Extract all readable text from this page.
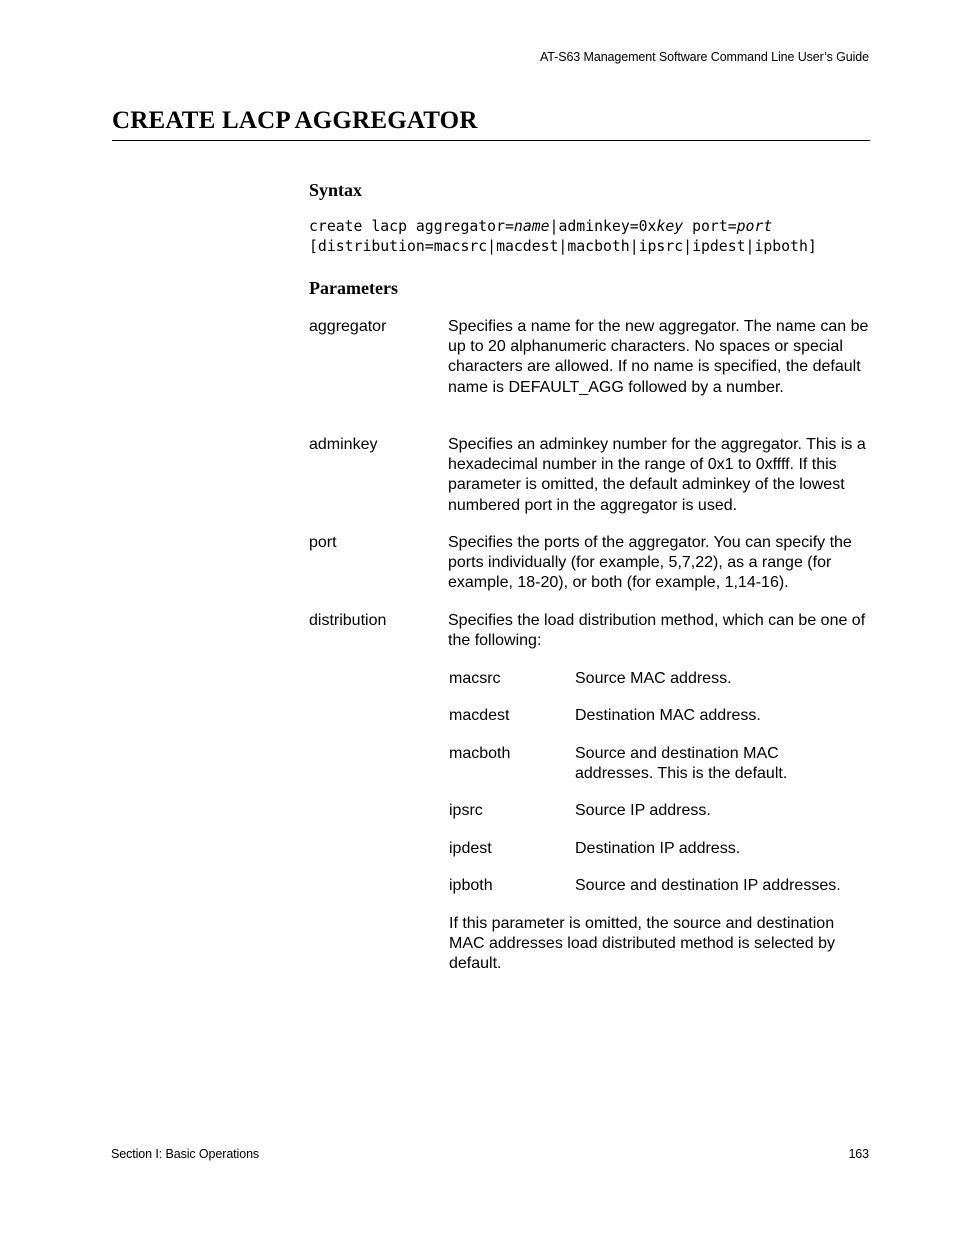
AT-S63 Management Software Command Line User’s Guide
CREATE LACP AGGREGATOR
Syntax
create lacp aggregator=name|adminkey=0xkey port=port
[distribution=macsrc|macdest|macboth|ipsrc|ipdest|ipboth]
Parameters
aggregator	Specifies a name for the new aggregator. The name can be up to 20 alphanumeric characters. No spaces or special characters are allowed. If no name is specified, the default name is DEFAULT_AGG followed by a number.
adminkey	Specifies an adminkey number for the aggregator. This is a hexadecimal number in the range of 0x1 to 0xffff. If this parameter is omitted, the default adminkey of the lowest numbered port in the aggregator is used.
port	Specifies the ports of the aggregator. You can specify the ports individually (for example, 5,7,22), as a range (for example, 18-20), or both (for example, 1,14-16).
distribution	Specifies the load distribution method, which can be one of the following:
macsrc	Source MAC address.
macdest	Destination MAC address.
macboth	Source and destination MAC addresses. This is the default.
ipsrc	Source IP address.
ipdest	Destination IP address.
ipboth	Source and destination IP addresses.
If this parameter is omitted, the source and destination MAC addresses load distributed method is selected by default.
Section I: Basic Operations	163
